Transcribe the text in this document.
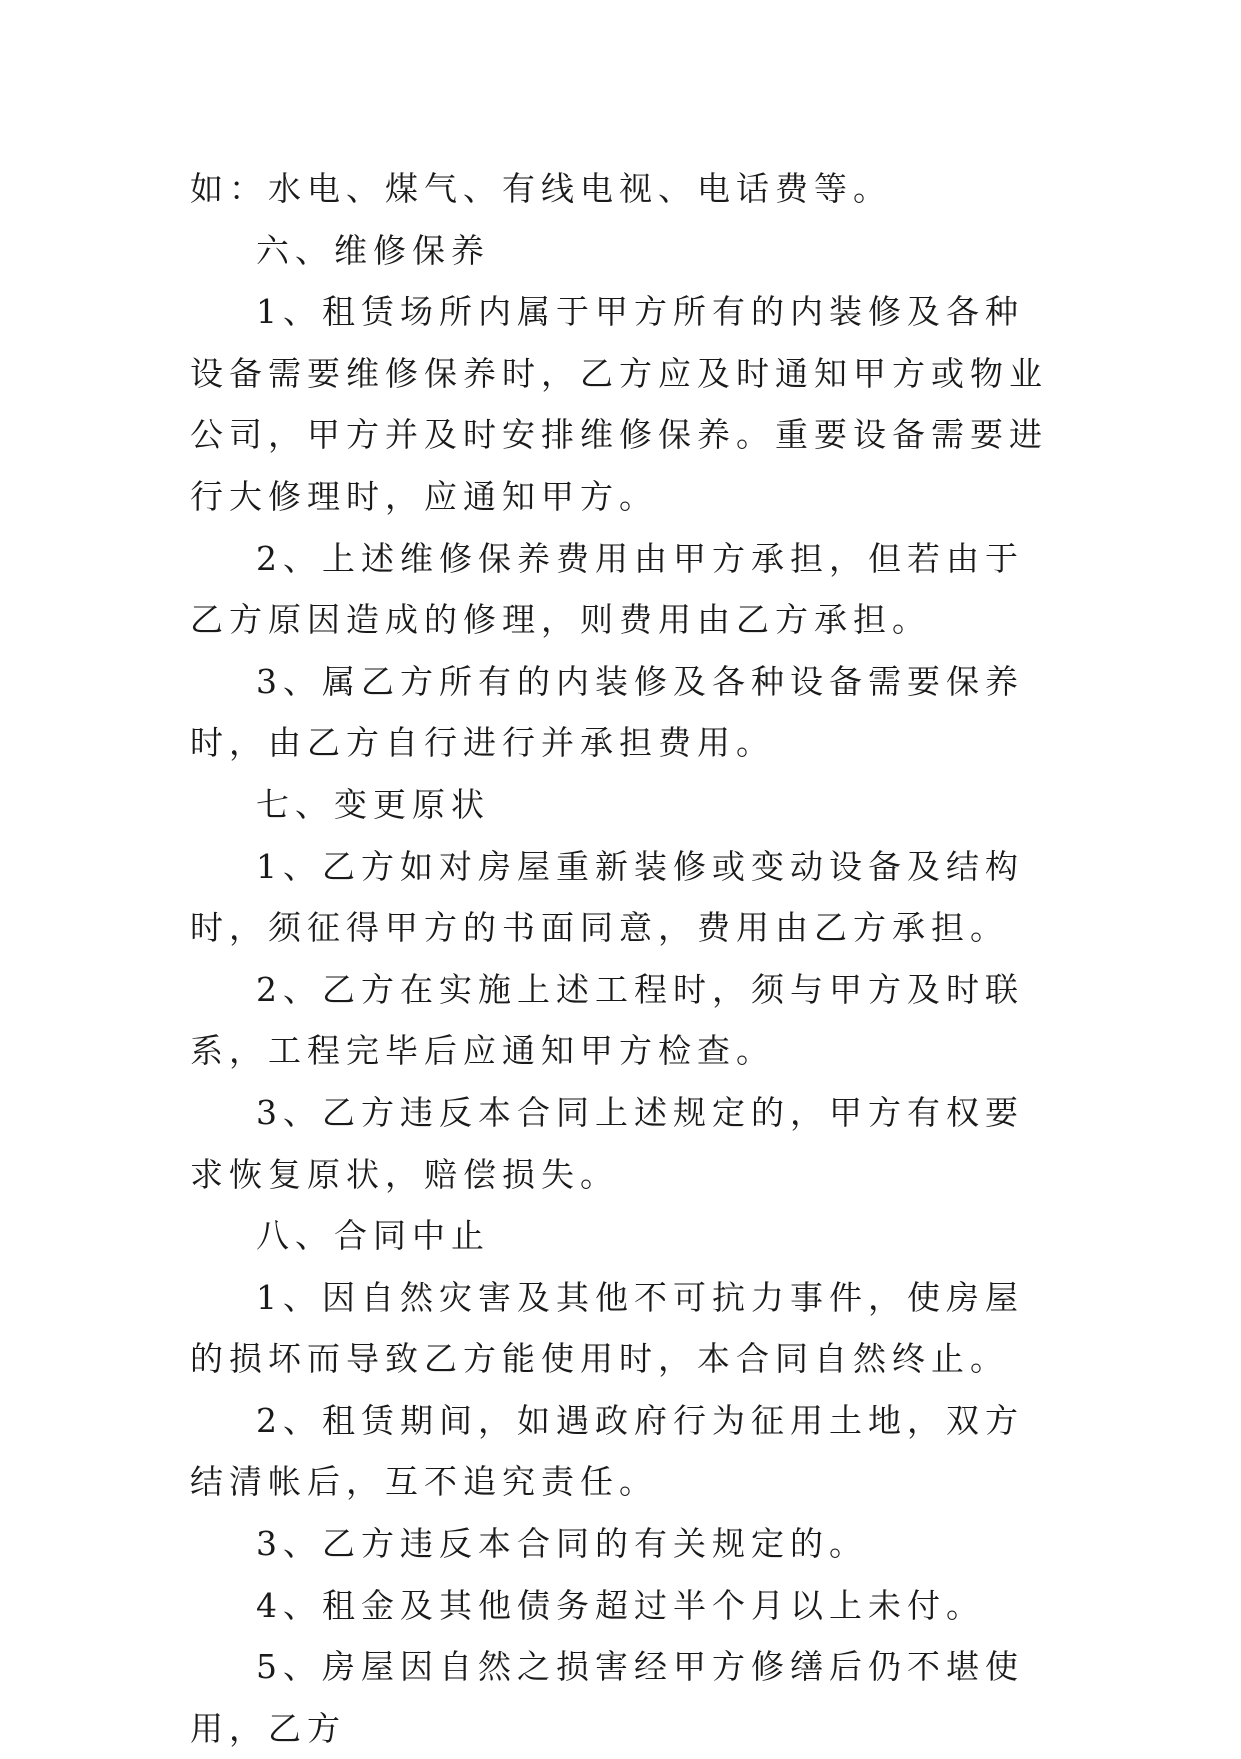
如：水电、煤气、有线电视、电话费等。

六、维修保养

1、租赁场所内属于甲方所有的内装修及各种设备需要维修保养时，乙方应及时通知甲方或物业公司，甲方并及时安排维修保养。重要设备需要进行大修理时，应通知甲方。

2、上述维修保养费用由甲方承担，但若由于乙方原因造成的修理，则费用由乙方承担。

3、属乙方所有的内装修及各种设备需要保养时，由乙方自行进行并承担费用。

七、变更原状

1、乙方如对房屋重新装修或变动设备及结构时，须征得甲方的书面同意，费用由乙方承担。

2、乙方在实施上述工程时，须与甲方及时联系，工程完毕后应通知甲方检查。

3、乙方违反本合同上述规定的，甲方有权要求恢复原状，赔偿损失。

八、合同中止

1、因自然灾害及其他不可抗力事件，使房屋的损坏而导致乙方能使用时，本合同自然终止。

2、租赁期间，如遇政府行为征用土地，双方结清帐后，互不追究责任。

3、乙方违反本合同的有关规定的。

4、租金及其他债务超过半个月以上未付。

5、房屋因自然之损害经甲方修缮后仍不堪使用，乙方
